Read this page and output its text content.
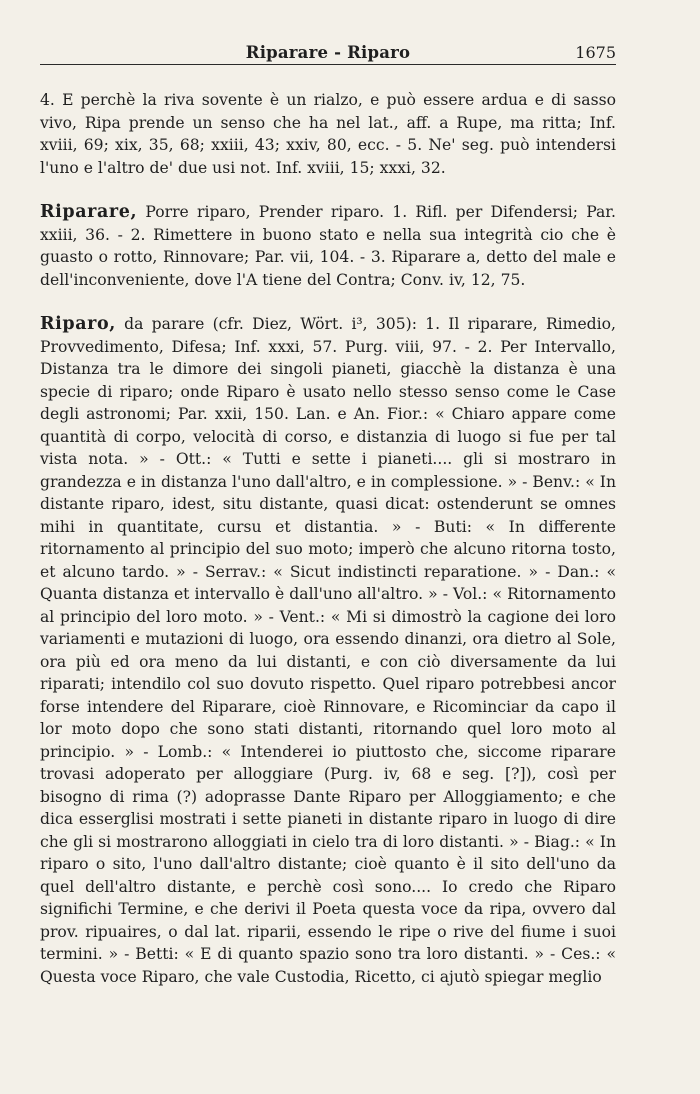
Riparare - Riparo	1675

4. E perchè la riva sovente è un rialzo, e può essere ardua e di sasso vivo, Ripa prende un senso che ha nel lat., aff. a Rupe, ma ritta; Inf. xviii, 69; xix, 35, 68; xxiii, 43; xxiv, 80, ecc. - 5. Ne' seg. può intendersi l'uno e l'altro de' due usi not. Inf. xviii, 15; xxxi, 32.

Riparare, Porre riparo, Prender riparo. 1. Rifl. per Difendersi; Par. xxiii, 36. - 2. Rimettere in buono stato e nella sua integrità cio che è guasto o rotto, Rinnovare; Par. vii, 104. - 3. Riparare a, detto del male e dell'inconveniente, dove l'A tiene del Contra; Conv. iv, 12, 75.

Riparo, da parare (cfr. Diez, Wört. i³, 305): 1. Il riparare, Rimedio, Provvedimento, Difesa; Inf. xxxi, 57. Purg. viii, 97. - 2. Per Intervallo, Distanza tra le dimore dei singoli pianeti, giacchè la distanza è una specie di riparo; onde Riparo è usato nello stesso senso come le Case degli astronomi; Par. xxii, 150. Lan. e An. Fior.: « Chiaro appare come quantità di corpo, velocità di corso, e distanzia di luogo si fue per tal vista nota. » - Ott.: « Tutti e sette i pianeti.... gli si mostraro in grandezza e in distanza l'uno dall'altro, e in complessione. » - Benv.: « In distante riparo, idest, situ distante, quasi dicat: ostenderunt se omnes mihi in quantitate, cursu et distantia. » - Buti: « In differente ritornamento al principio del suo moto; imperò che alcuno ritorna tosto, et alcuno tardo. » - Serrav.: « Sicut indistincti reparatione. » - Dan.: « Quanta distanza et intervallo è dall'uno all'altro. » - Vol.: « Ritornamento al principio del loro moto. » - Vent.: « Mi si dimostrò la cagione dei loro variamenti e mutazioni di luogo, ora essendo dinanzi, ora dietro al Sole, ora più ed ora meno da lui distanti, e con ciò diversamente da lui riparati; intendilo col suo dovuto rispetto. Quel riparo potrebbesi ancor forse intendere del Riparare, cioè Rinnovare, e Ricominciar da capo il lor moto dopo che sono stati distanti, ritornando quel loro moto al principio. » - Lomb.: « Intenderei io piuttosto che, siccome riparare trovasi adoperato per alloggiare (Purg. iv, 68 e seg. [?]), così per bisogno di rima (?) adoprasse Dante Riparo per Alloggiamento; e che dica esserglisi mostrati i sette pianeti in distante riparo in luogo di dire che gli si mostrarono alloggiati in cielo tra di loro distanti. » - Biag.: « In riparo o sito, l'uno dall'altro distante; cioè quanto è il sito dell'uno da quel dell'altro distante, e perchè così sono.... Io credo che Riparo significhi Termine, e che derivi il Poeta questa voce da ripa, ovvero dal prov. ripuaires, o dal lat. riparii, essendo le ripe o rive del fiume i suoi termini. » - Betti: « E di quanto spazio sono tra loro distanti. » - Ces.: « Questa voce Riparo, che vale Custodia, Ricetto, ci ajutò spiegar meglio
